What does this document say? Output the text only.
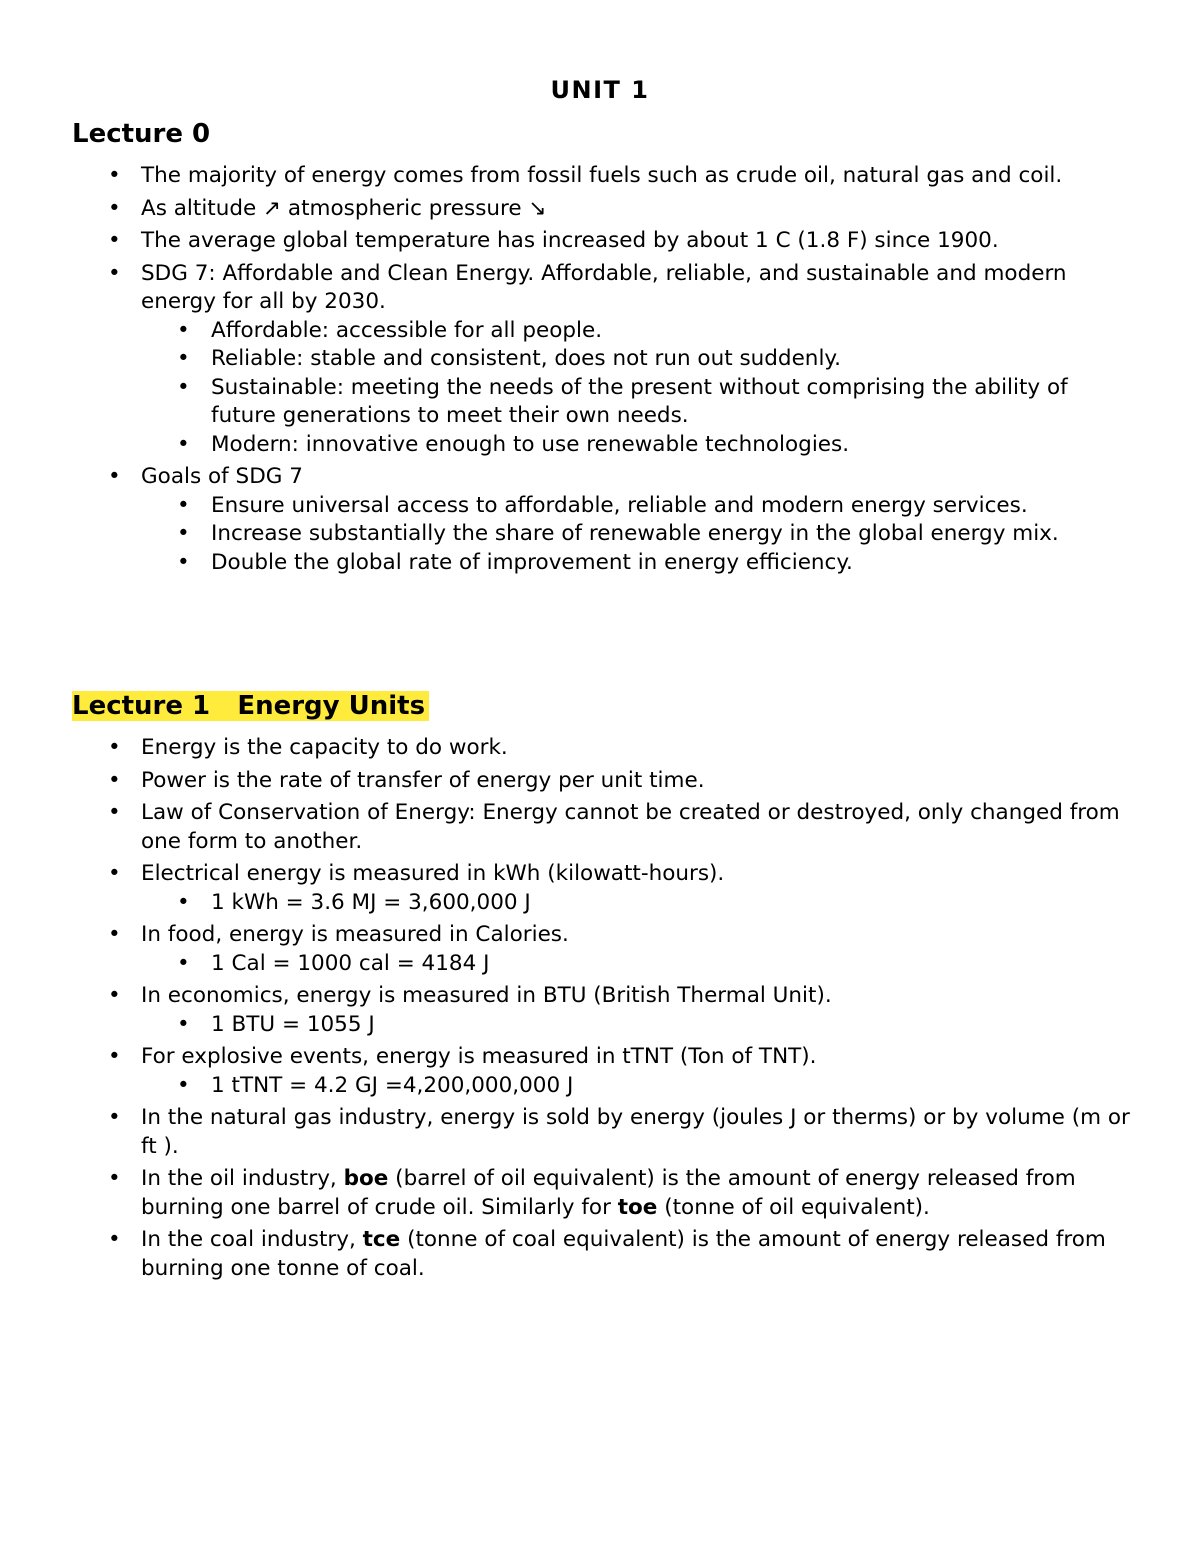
UNIT 1
Lecture 0
• The majority of energy comes from fossil fuels such as crude oil, natural gas and coil.
• As altitude ↗ atmospheric pressure ↘
• The average global temperature has increased by about 1 C (1.8 F) since 1900.
• SDG 7: Affordable and Clean Energy. Affordable, reliable, and sustainable and modern energy for all by 2030.
• Affordable: accessible for all people.
• Reliable: stable and consistent, does not run out suddenly.
• Sustainable: meeting the needs of the present without comprising the ability of future generations to meet their own needs.
• Modern: innovative enough to use renewable technologies.
• Goals of SDG 7
• Ensure universal access to affordable, reliable and modern energy services.
• Increase substantially the share of renewable energy in the global energy mix.
• Double the global rate of improvement in energy efficiency.
Lecture 1 Energy Units
• Energy is the capacity to do work.
• Power is the rate of transfer of energy per unit time.
• Law of Conservation of Energy: Energy cannot be created or destroyed, only changed from one form to another.
• Electrical energy is measured in kWh (kilowatt-hours).
• 1 kWh = 3.6 MJ = 3,600,000 J
• In food, energy is measured in Calories.
• 1 Cal = 1000 cal = 4184 J
• In economics, energy is measured in BTU (British Thermal Unit).
• 1 BTU = 1055 J
• For explosive events, energy is measured in tTNT (Ton of TNT).
• 1 tTNT = 4.2 GJ =4,200,000,000 J
• In the natural gas industry, energy is sold by energy (joules J or therms) or by volume (m or ft ).
• In the oil industry, boe (barrel of oil equivalent) is the amount of energy released from burning one barrel of crude oil. Similarly for toe (tonne of oil equivalent).
• In the coal industry, tce (tonne of coal equivalent) is the amount of energy released from burning one tonne of coal.
